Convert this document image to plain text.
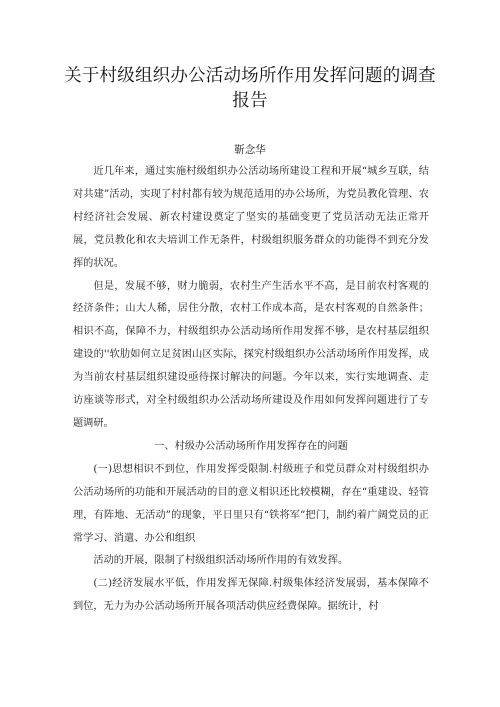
关于村级组织办公活动场所作用发挥问题的调查报告
靳念华

近几年来，通过实施村级组织办公活动场所建设工程和开展“城乡互联，结对共建”活动，实现了村村都有较为规范适用的办公场所，为党员教化管理、农村经济社会发展、新农村建设奠定了坚实的基础变更了党员活动无法正常开展，党员教化和农夫培训工作无条件，村级组织服务群众的功能得不到充分发挥的状况。

但是，发展不够，财力脆弱，农村生产生活水平不高，是目前农村客观的经济条件；山大人稀，居住分散，农村工作成本高，是农村客观的自然条件；相识不高，保障不力，村级组织办公活动场所作用发挥不够，是农村基层组织建设的''软肋如何立足贫困山区实际，探究村级组织办公活动场所作用发挥，成为当前农村基层组织建设亟待探讨解决的问题。今年以来，实行实地调查、走访座谈等形式，对全村级组织办公活动场所建设及作用如何发挥问题进行了专题调研。

一、村级办公活动场所作用发挥存在的问题

(一)思想相识不到位，作用发挥受限制.村级班子和党员群众对村级组织办公活动场所的功能和开展活动的目的意义相识还比较模糊，存在“重建设、轻管理，有阵地、无活动”的现象，平日里只有“铁将军”把门，制约着广阔党员的正常学习、消遣、办公和组织

活动的开展，限制了村级组织活动场所作用的有效发挥。

(二)经济发展水平低，作用发挥无保障.村级集体经济发展弱，基本保障不到位，无力为办公活动场所开展各项活动供应经费保障。据统计，村
